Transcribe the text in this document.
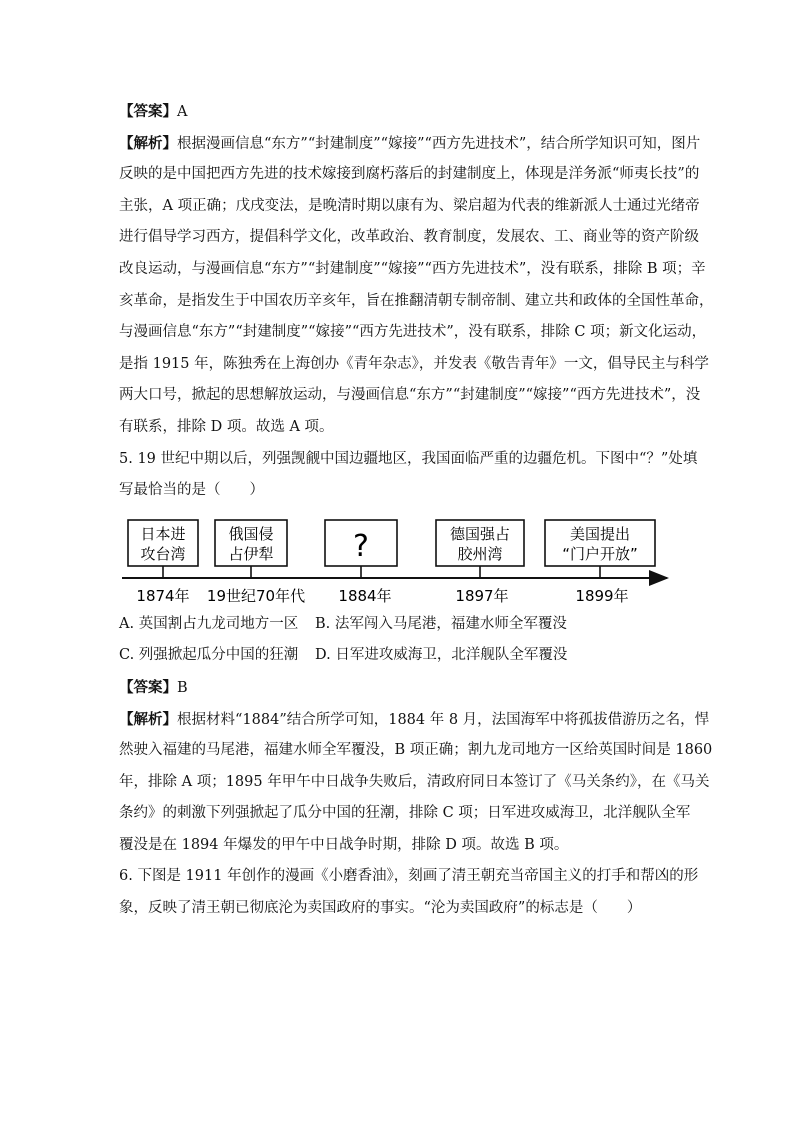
【答案】A
【解析】根据漫画信息“东方”“封建制度”“嫁接”“西方先进技术”，结合所学知识可知，图片
反映的是中国把西方先进的技术嫁接到腐朽落后的封建制度上，体现是洋务派“师夷长技”的
主张，A 项正确；戊戌变法，是晚清时期以康有为、梁启超为代表的维新派人士通过光绪帝
进行倡导学习西方，提倡科学文化，改革政治、教育制度，发展农、工、商业等的资产阶级
改良运动，与漫画信息“东方”“封建制度”“嫁接”“西方先进技术”，没有联系，排除 B 项；辛
亥革命，是指发生于中国农历辛亥年，旨在推翻清朝专制帝制、建立共和政体的全国性革命，
与漫画信息“东方”“封建制度”“嫁接”“西方先进技术”，没有联系，排除 C 项；新文化运动，
是指 1915 年，陈独秀在上海创办《青年杂志》，并发表《敬告青年》一文，倡导民主与科学
两大口号，掀起的思想解放运动，与漫画信息“东方”“封建制度”“嫁接”“西方先进技术”，没
有联系，排除 D 项。故选 A 项。
5. 19 世纪中期以后，列强觊觎中国边疆地区，我国面临严重的边疆危机。下图中“？”处填
写最恰当的是（　　）
日本进
攻台湾
俄国侵
占伊犁	?	德国强占
胶州湾
美国提出
“门户开放”
1874年 19世纪70年代 1884年	1897年	1899年
A. 英国割占九龙司地方一区	B. 法军闯入马尾港，福建水师全军覆没
C. 列强掀起瓜分中国的狂潮	D. 日军进攻威海卫，北洋舰队全军覆没
【答案】B
【解析】根据材料“1884”结合所学可知，1884 年 8 月，法国海军中将孤拔借游历之名，悍
然驶入福建的马尾港，福建水师全军覆没，B 项正确；割九龙司地方一区给英国时间是 1860
年，排除 A 项；1895 年甲午中日战争失败后，清政府同日本签订了《马关条约》，在《马关
条约》的刺激下列强掀起了瓜分中国的狂潮，排除 C 项；日军进攻威海卫，北洋舰队全军
覆没是在 1894 年爆发的甲午中日战争时期，排除 D 项。故选 B 项。
6. 下图是 1911 年创作的漫画《小磨香油》，刻画了清王朝充当帝国主义的打手和帮凶的形
象，反映了清王朝已彻底沦为卖国政府的事实。“沦为卖国政府”的标志是（　　）
